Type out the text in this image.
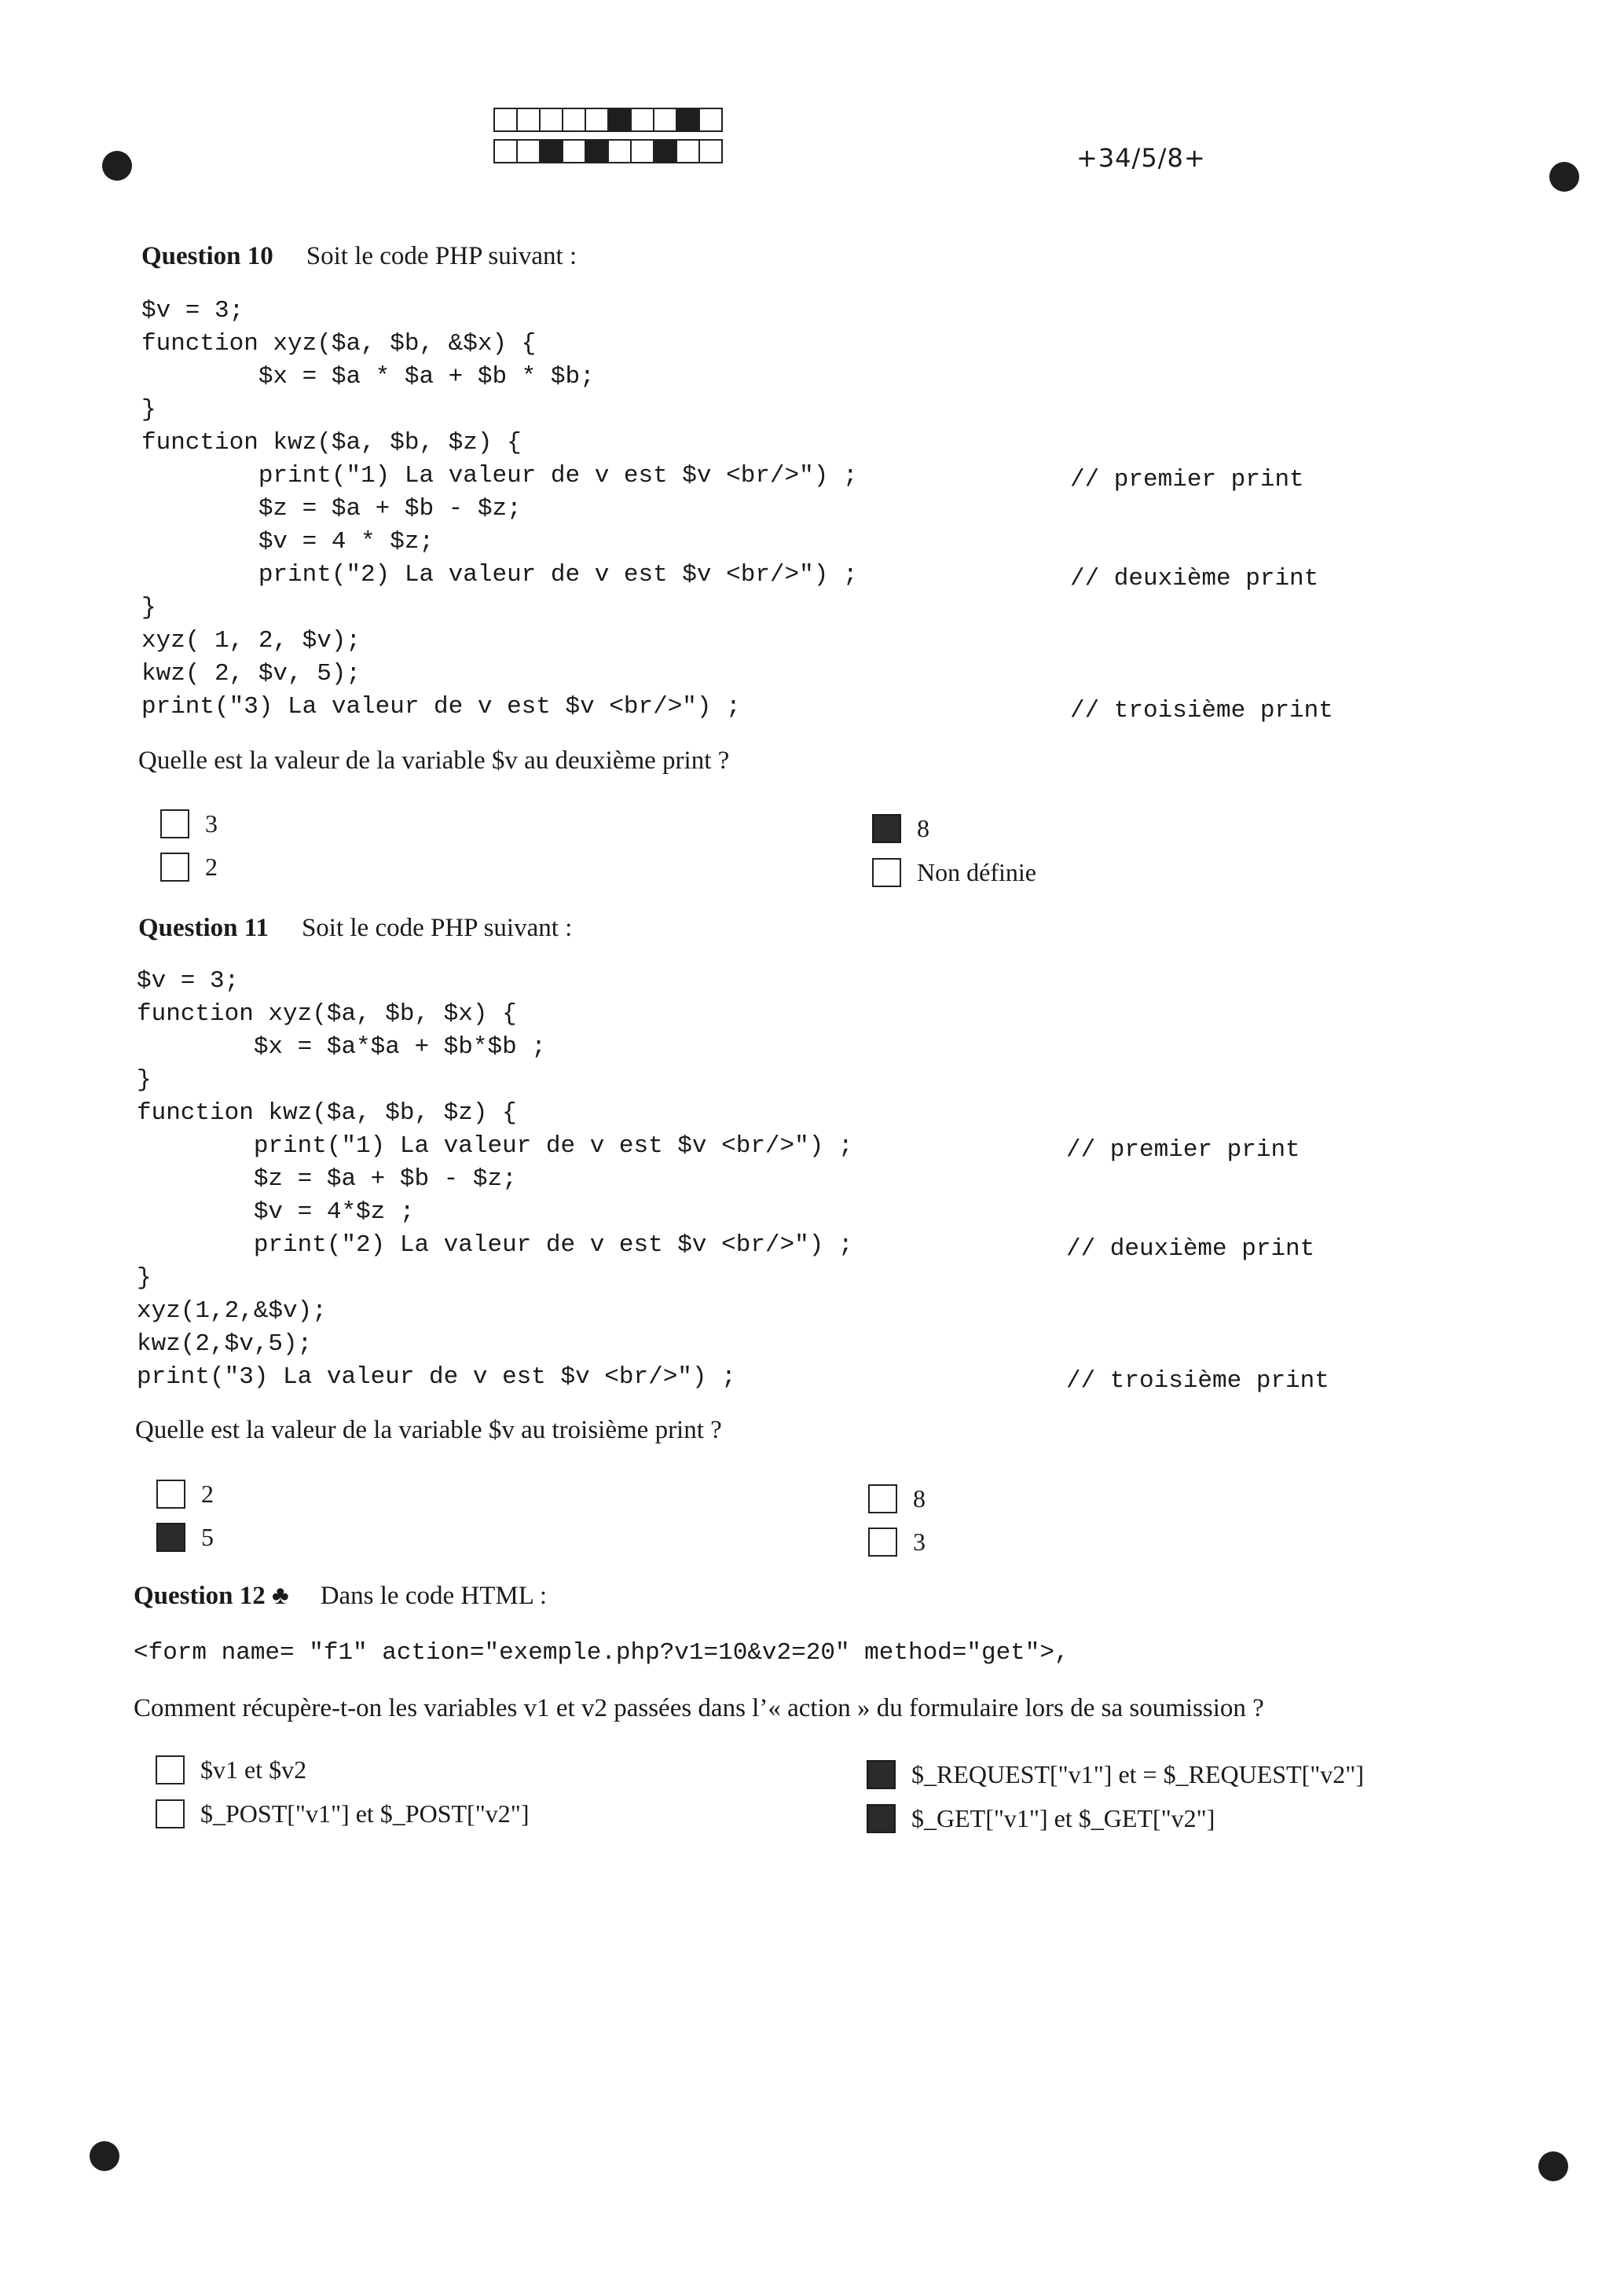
+34/5/8+
Question 10 Soit le code PHP suivant :
$v = 3;
function xyz($a, $b, &$x) {
$x = $a * $a + $b * $b;
}
function kwz($a, $b, $z) {
print("1) La valeur de v est $v <br/>") ;
$z = $a + $b - $z;
$v = 4 * $z;
print("2) La valeur de v est $v <br/>") ;
}
xyz( 1, 2, $v);
kwz( 2, $v, 5);
print("3) La valeur de v est $v <br/>") ;
// premier print
// deuxième print
// troisième print
Quelle est la valeur de la variable $v au deuxième print ?
3
2
8
Non définie
Question 11 Soit le code PHP suivant :
$v = 3;
function xyz($a, $b, $x) {
$x = $a*$a + $b*$b ;
}
function kwz($a, $b, $z) {
print("1) La valeur de v est $v <br/>") ;
$z = $a + $b - $z;
$v = 4*$z ;
print("2) La valeur de v est $v <br/>") ;
}
xyz(1,2,&$v);
kwz(2,$v,5);
print("3) La valeur de v est $v <br/>") ;
// premier print
// deuxième print
// troisième print
Quelle est la valeur de la variable $v au troisième print ?
2
5
8
3
Question 12 ♣ Dans le code HTML :
<form name= "f1" action="exemple.php?v1=10&v2=20" method="get">,
Comment récupère-t-on les variables v1 et v2 passées dans l’« action » du formulaire lors de sa soumission ?
$v1 et $v2
$_POST["v1"] et $_POST["v2"]
$_REQUEST["v1"] et = $_REQUEST["v2"]
$_GET["v1"] et $_GET["v2"]
